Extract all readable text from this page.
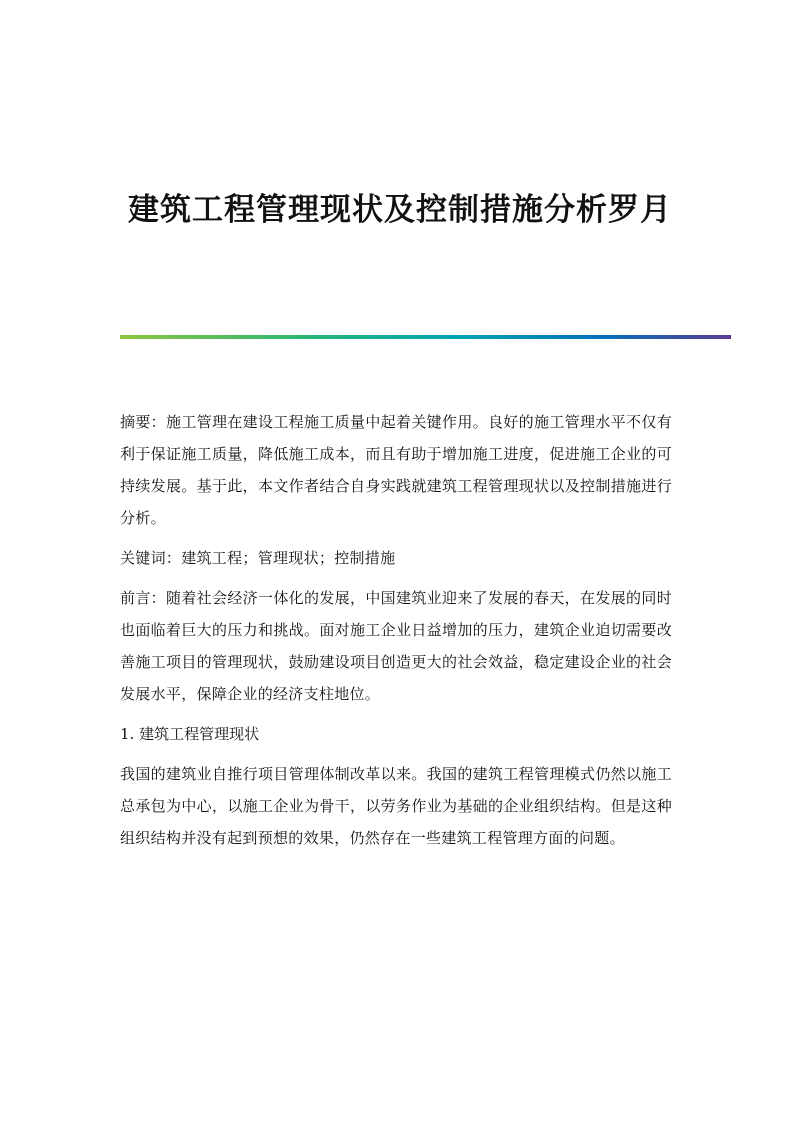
建筑工程管理现状及控制措施分析罗月

摘要：施工管理在建设工程施工质量中起着关键作用。良好的施工管理水平不仅有利于保证施工质量，降低施工成本，而且有助于增加施工进度，促进施工企业的可持续发展。基于此，本文作者结合自身实践就建筑工程管理现状以及控制措施进行分析。

关键词：建筑工程；管理现状；控制措施

前言：随着社会经济一体化的发展，中国建筑业迎来了发展的春天，在发展的同时也面临着巨大的压力和挑战。面对施工企业日益增加的压力，建筑企业迫切需要改善施工项目的管理现状，鼓励建设项目创造更大的社会效益，稳定建设企业的社会发展水平，保障企业的经济支柱地位。

1. 建筑工程管理现状

我国的建筑业自推行项目管理体制改革以来。我国的建筑工程管理模式仍然以施工总承包为中心，以施工企业为骨干，以劳务作业为基础的企业组织结构。但是这种组织结构并没有起到预想的效果，仍然存在一些建筑工程管理方面的问题。
